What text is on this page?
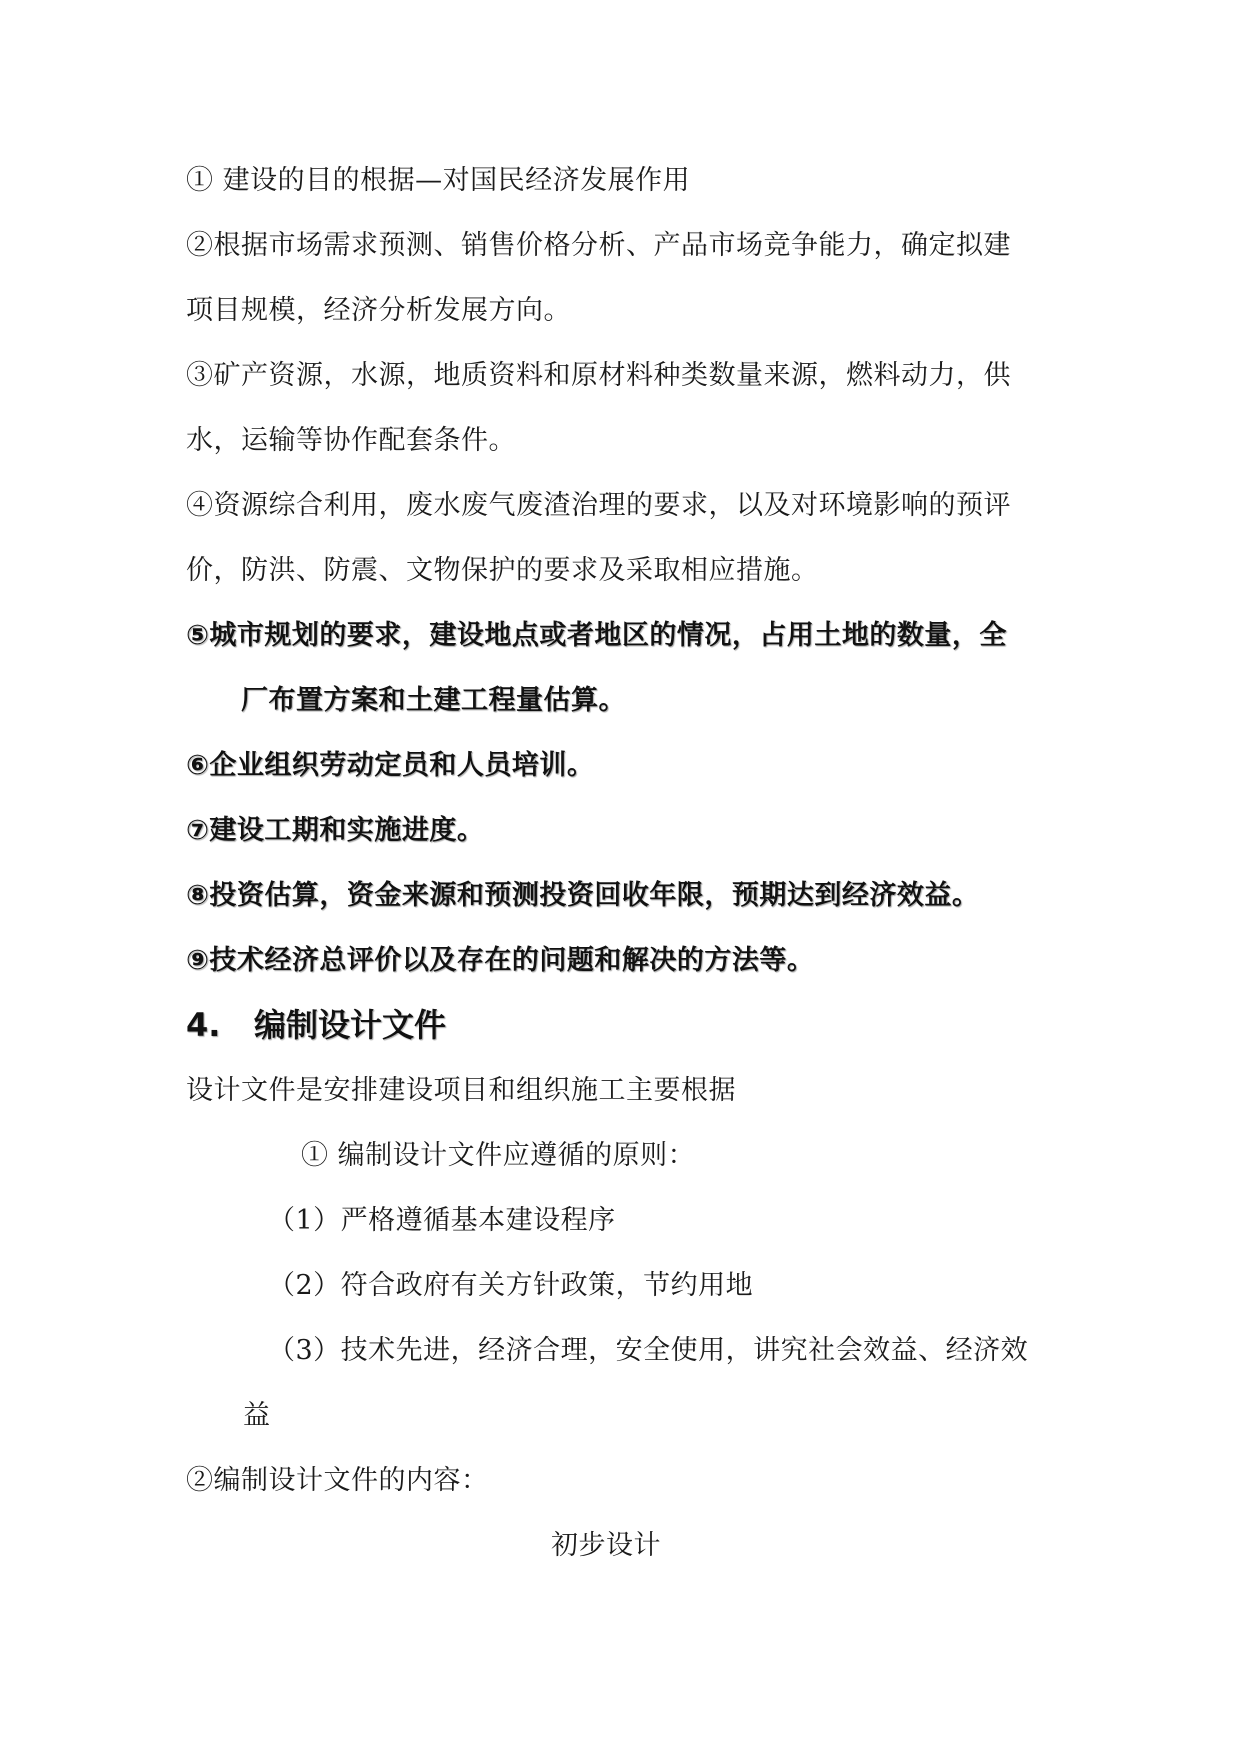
① 建设的目的根据—对国民经济发展作用
②根据市场需求预测、销售价格分析、产品市场竞争能力，确定拟建
项目规模，经济分析发展方向。
③矿产资源，水源，地质资料和原材料种类数量来源，燃料动力，供
水，运输等协作配套条件。
④资源综合利用，废水废气废渣治理的要求，以及对环境影响的预评
价，防洪、防震、文物保护的要求及采取相应措施。
⑤城市规划的要求，建设地点或者地区的情况，占用土地的数量，全
厂布置方案和土建工程量估算。
⑥企业组织劳动定员和人员培训。
⑦建设工期和实施进度。
⑧投资估算，资金来源和预测投资回收年限，预期达到经济效益。
⑨技术经济总评价以及存在的问题和解决的方法等。
4. 编制设计文件
设计文件是安排建设项目和组织施工主要根据
① 编制设计文件应遵循的原则：
（1）严格遵循基本建设程序
（2）符合政府有关方针政策，节约用地
（3）技术先进，经济合理，安全使用，讲究社会效益、经济效
益
②编制设计文件的内容：
初步设计
